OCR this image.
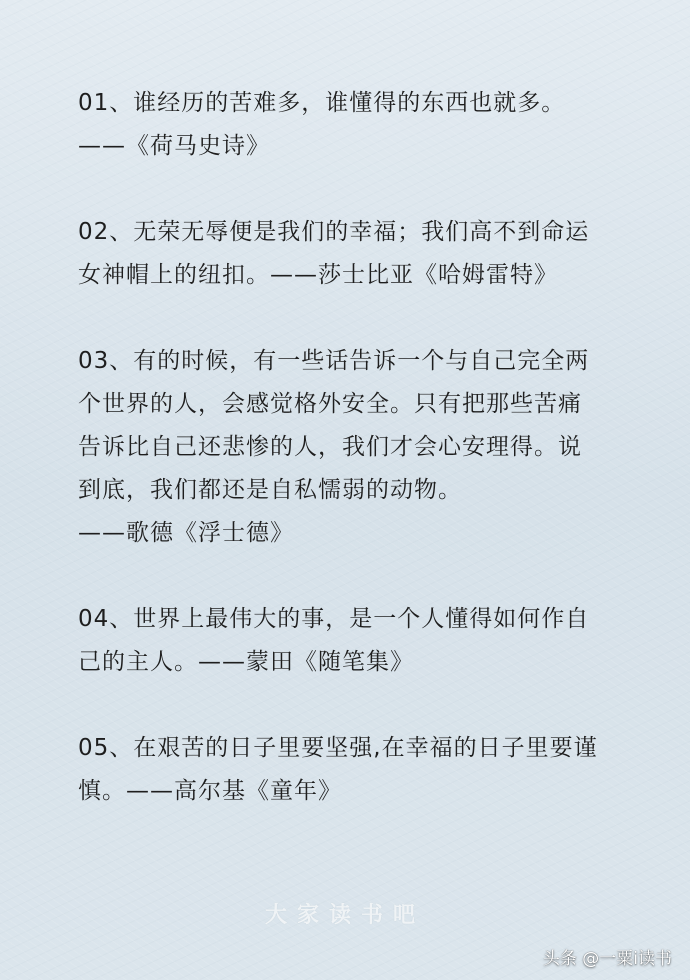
01、谁经历的苦难多，谁懂得的东西也就多。
——《荷马史诗》

02、无荣无辱便是我们的幸福；我们高不到命运
女神帽上的纽扣。——莎士比亚《哈姆雷特》

03、有的时候，有一些话告诉一个与自己完全两
个世界的人，会感觉格外安全。只有把那些苦痛
告诉比自己还悲惨的人，我们才会心安理得。说
到底，我们都还是自私懦弱的动物。
——歌德《浮士德》

04、世界上最伟大的事，是一个人懂得如何作自
己的主人。——蒙田《随笔集》

05、在艰苦的日子里要坚强,在幸福的日子里要谨
慎。——高尔基《童年》

大家读书吧
头条 @一粟i读书
